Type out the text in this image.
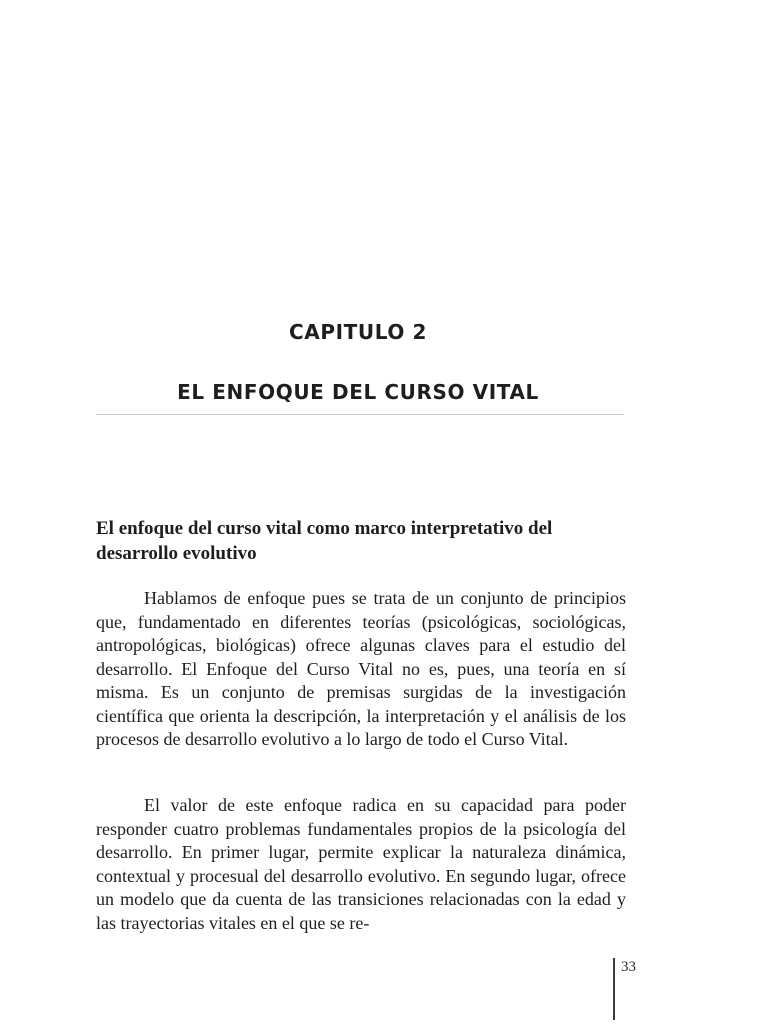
CAPITULO 2
EL ENFOQUE DEL CURSO VITAL
El enfoque del curso vital como marco interpretativo del desarrollo evolutivo

Hablamos de enfoque pues se trata de un conjunto de principios que, fundamentado en diferentes teorías (psicológicas, sociológicas, antropológicas, biológicas) ofrece algunas claves para el estudio del desarrollo. El Enfoque del Curso Vital no es, pues, una teoría en sí misma. Es un conjunto de premisas surgidas de la investigación científica que orienta la descripción, la interpretación y el análisis de los procesos de desarrollo evolutivo a lo largo de todo el Curso Vital.

El valor de este enfoque radica en su capacidad para poder responder cuatro problemas fundamentales propios de la psicología del desarrollo. En primer lugar, permite explicar la naturaleza dinámica, contextual y procesual del desarrollo evolutivo. En segundo lugar, ofrece un modelo que da cuenta de las transiciones relacionadas con la edad y las trayectorias vitales en el que se re-

33
